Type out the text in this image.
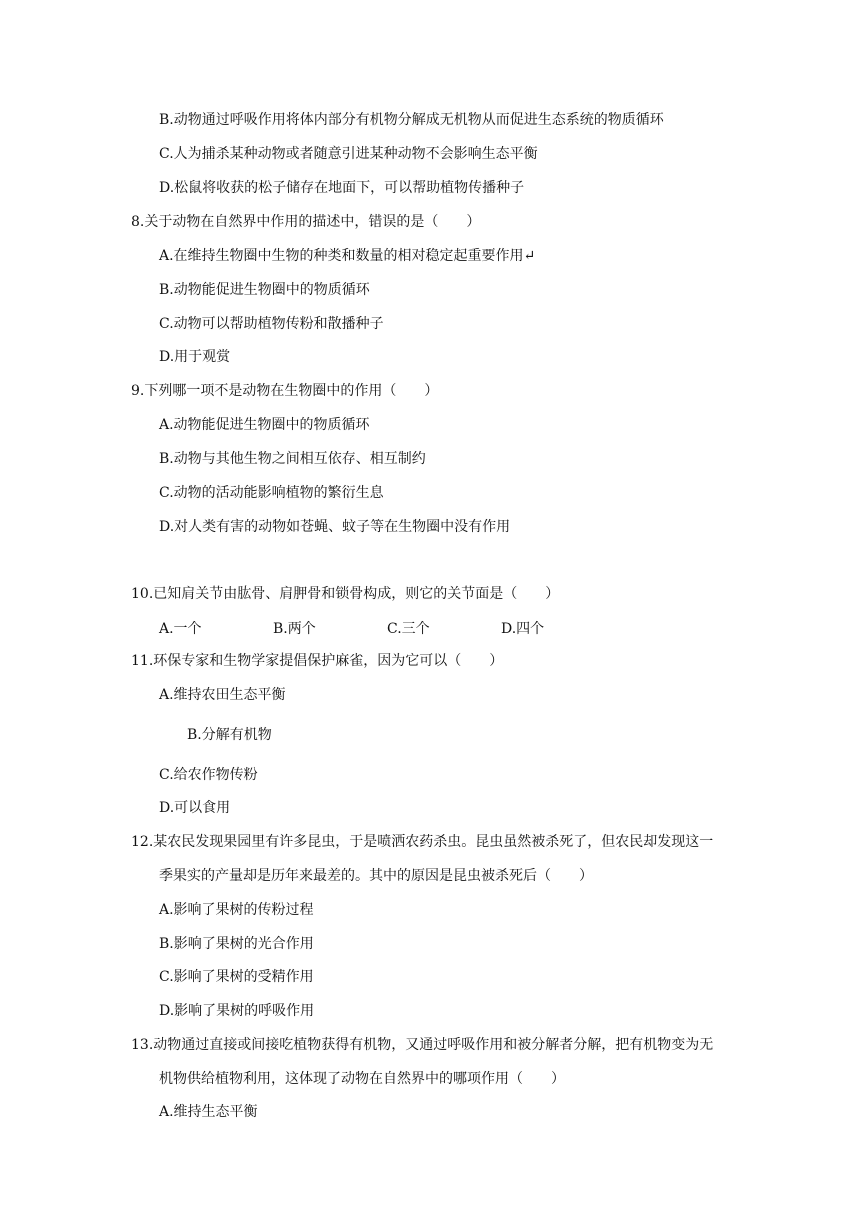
B.动物通过呼吸作用将体内部分有机物分解成无机物从而促进生态系统的物质循环
C.人为捕杀某种动物或者随意引进某种动物不会影响生态平衡
D.松鼠将收获的松子储存在地面下，可以帮助植物传播种子
8.关于动物在自然界中作用的描述中，错误的是（　　）
A.在维持生物圈中生物的种类和数量的相对稳定起重要作用↵
B.动物能促进生物圈中的物质循环
C.动物可以帮助植物传粉和散播种子
D.用于观赏
9.下列哪一项不是动物在生物圈中的作用（　　）
A.动物能促进生物圈中的物质循环
B.动物与其他生物之间相互依存、相互制约
C.动物的活动能影响植物的繁衍生息
D.对人类有害的动物如苍蝇、蚊子等在生物圈中没有作用
10.已知肩关节由肱骨、肩胛骨和锁骨构成，则它的关节面是（　　）
A.一个	B.两个	C.三个	D.四个
11.环保专家和生物学家提倡保护麻雀，因为它可以（　　）
A.维持农田生态平衡
B.分解有机物
C.给农作物传粉
D.可以食用
12.某农民发现果园里有许多昆虫，于是喷洒农药杀虫。昆虫虽然被杀死了，但农民却发现这一
季果实的产量却是历年来最差的。其中的原因是昆虫被杀死后（　　）
A.影响了果树的传粉过程
B.影响了果树的光合作用
C.影响了果树的受精作用
D.影响了果树的呼吸作用
13.动物通过直接或间接吃植物获得有机物，又通过呼吸作用和被分解者分解，把有机物变为无
机物供给植物利用，这体现了动物在自然界中的哪项作用（　　）
A.维持生态平衡
